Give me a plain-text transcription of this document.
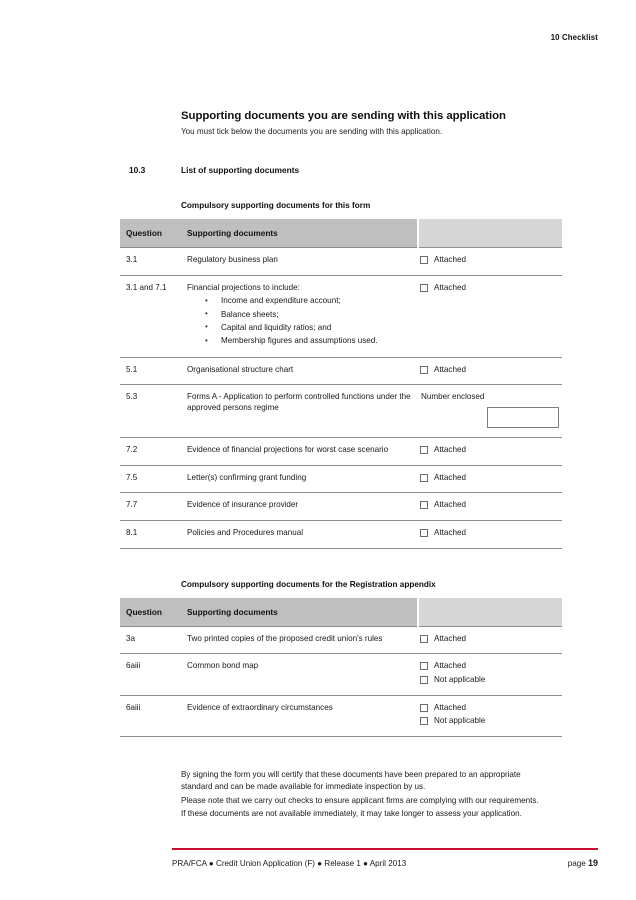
10 Checklist
Supporting documents you are sending with this application

You must tick below the documents you are sending with this application.

10.3	List of supporting documents
Compulsory supporting documents for this form
Question	Supporting documents	
3.1	Regulatory business plan	Attached

3.1 and 7.1	Financial projections to include:
• Income and expenditure account;
• Balance sheets;
• Capital and liquidity ratios; and
• Membership figures and assumptions used.

Attached

5.1	Organisational structure chart	Attached

5.3	Forms A - Application to perform controlled functions under the approved persons regime	Number enclosed

7.2	Evidence of financial projections for worst case scenario	Attached

7.5	Letter(s) confirming grant funding	Attached

7.7	Evidence of insurance provider	Attached

8.1	Policies and Procedures manual	Attached
Compulsory supporting documents for the Registration appendix
Question	Supporting documents	
3a	Two printed copies of the proposed credit union's rules	Attached

6aiii	Common bond map	Attached
Not applicable

6aiii	Evidence of extraordinary circumstances	Attached
Not applicable

By signing the form you will certify that these documents have been prepared to an appropriate standard and can be made available for immediate inspection by us.

Please note that we carry out checks to ensure applicant firms are complying with our requirements.

If these documents are not available immediately, it may take longer to assess your application.

PRA/FCA ● Credit Union Application (F) ● Release 1 ● April 2013	page 19
